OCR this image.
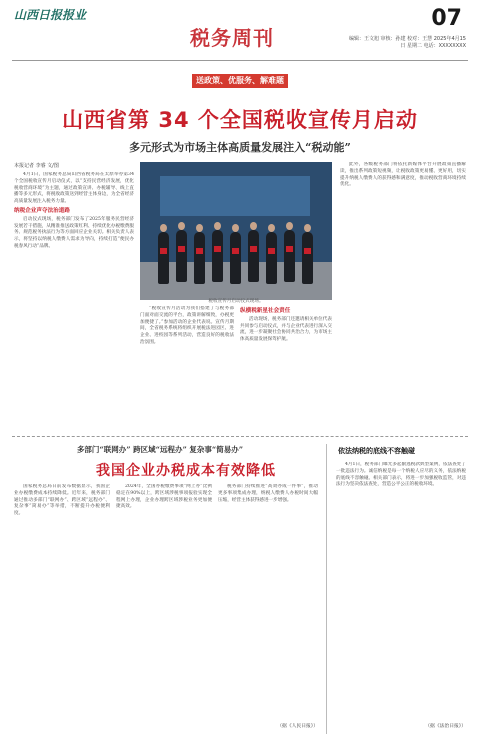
山西日报报业
税务周刊
07
编辑：王文旭 审核：孙建 校对：王慧 2025年4月15日 星期二 电话：XXXXXXXX
送政策、优服务、解难题
山西省第 34 个全国税收宣传月启动
多元形式为市场主体高质量发展注入“税动能”
本报记者 李睿 文/图

4月1日，国家税务总局山西省税务局在太原举办第34个全国税收宣传月启动仪式，以“支持民营经济发展，优化税收营商环境”为主题，通过政策宣讲、办税辅导、线上直播等多元形式，将税收政策送到经营主体身边，为全省经济高质量发展注入税务力量。

纳税企业声夺法治道路

启动仪式现场，税务部门发布了2025年服务民营经济发展若干措施，从精准推送政策红利、持续优化办税缴费服务、规范税务执法行为等方面回应企业关切。相关负责人表示，将坚持以纳税人缴费人需求为导向，持续打造“便民办税春风行动”品牌。

税收宣传月启动仪式现场。

“税收宣传月活动为我们搭建了与税务部门面对面交流的平台，政策讲解细致，办税更加便捷了。”参加活动的企业代表说。宣传月期间，全省税务系统将组织开展税法进园区、进企业、进校园等系列活动，营造良好的税收法治氛围。

纵横税新星社会责任

活动现场，税务部门还邀请相关单位代表共同参与启动仪式，并与企业代表进行深入交流，进一步凝聚社会协同共治合力，为市场主体高质量发展保驾护航。

此外，各级税务部门将依托新媒体平台开展政策直播解读，推出系列政策短视频，让税收政策更易懂、更好用，切实提升纳税人缴费人的获得感和满意度，推动税收营商环境持续优化。

多部门“联网办” 跨区域“远程办” 复杂事“简易办”
我国企业办税成本有效降低

国家税务总局日前发布数据显示，我国企业办税缴费成本持续降低。近年来，税务部门通过推动多部门“联网办”、跨区域“远程办”、复杂事“简易办”等举措，不断提升办税便利度。

2024年，全国办税缴费事项“网上办”比例稳定在90%以上，跨区域涉税事项报验实现全程网上办理，企业办理跨区域涉税业务更加便捷高效。

税务部门持续推进“高效办成一件事”，推动更多事项集成办理，纳税人缴费人办税时间大幅压缩，经营主体获得感进一步增强。

（据《人民日报》）
依法纳税的底线不容触碰

4月1日，税务部门曝光多起偷逃税款典型案例，依法查处了一批违法行为。诚信纳税是每一个纳税人应尽的义务，依法纳税的底线不容触碰。相关部门表示，将进一步加强税收监管，对违法行为坚决依法查处，营造公平公正的税收环境。

（据《法治日报》）
